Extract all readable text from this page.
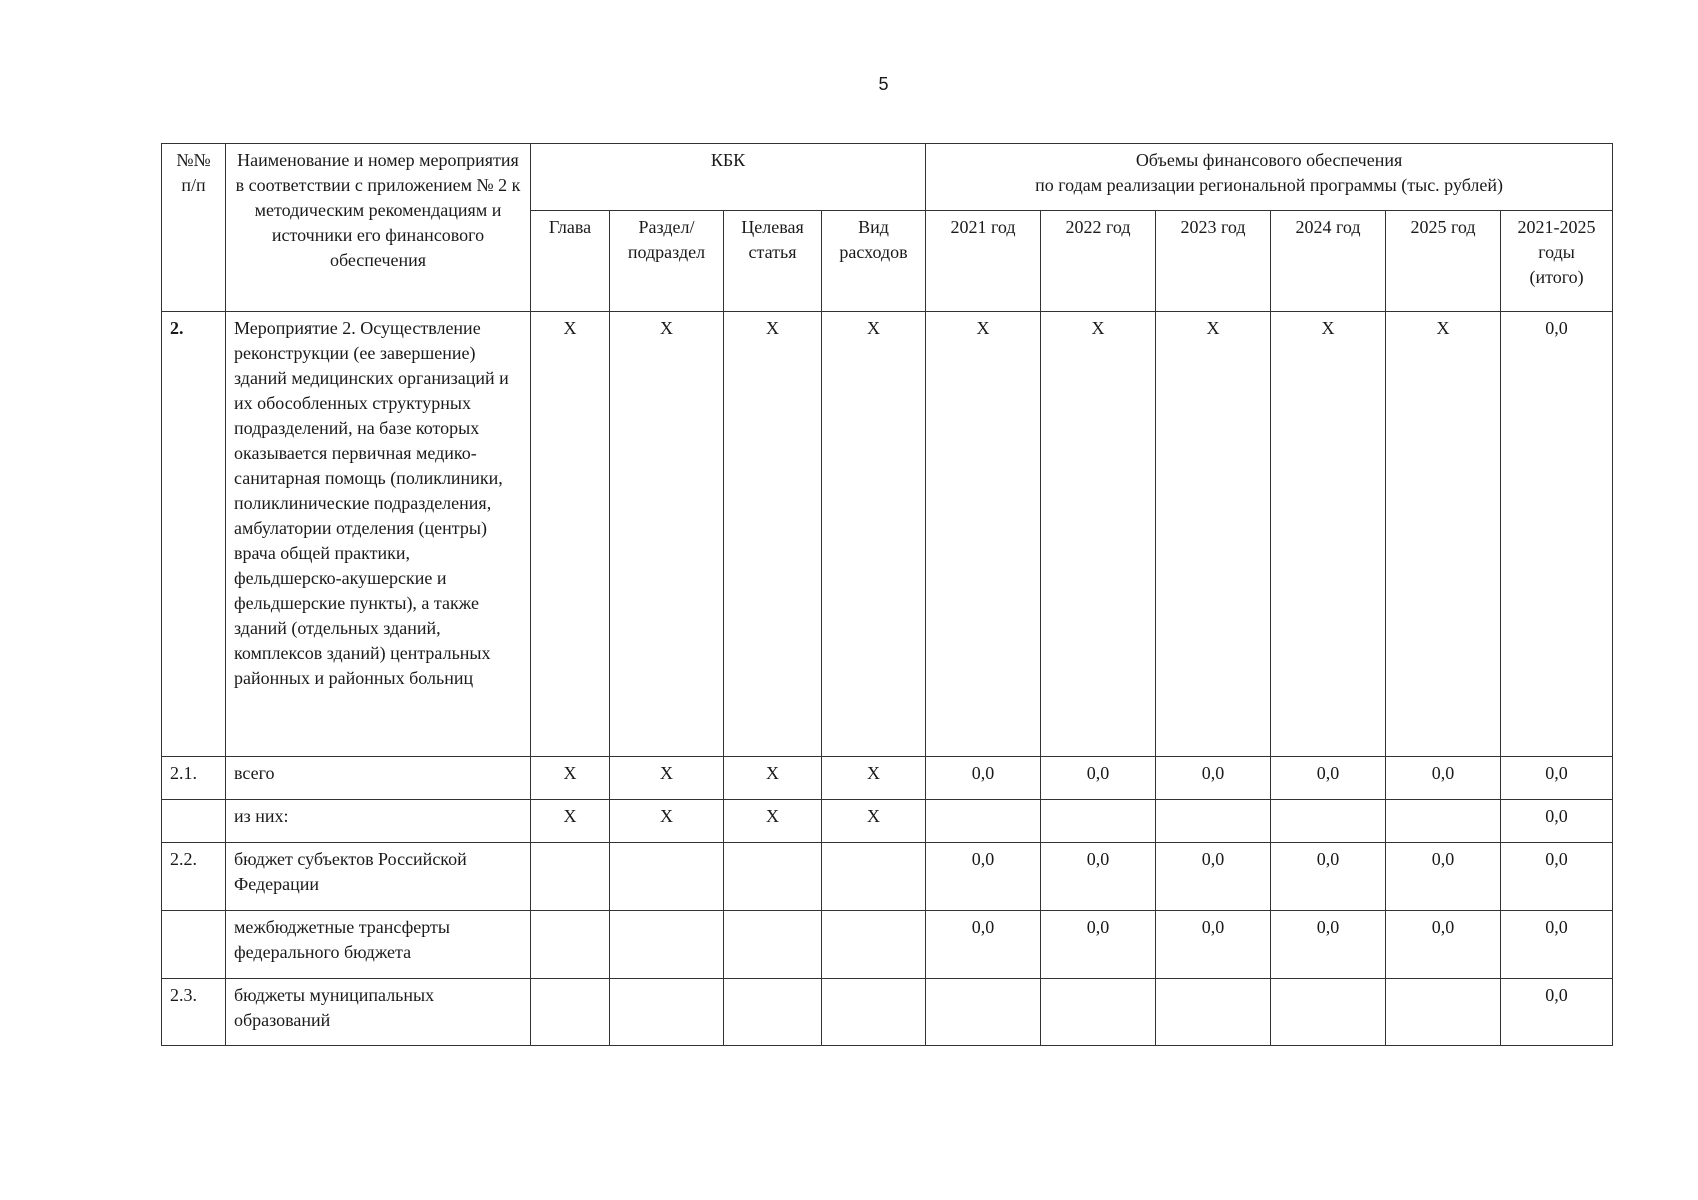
5
№№ п/п	Наименование и номер мероприятия в соответствии с приложением № 2 к методическим рекомендациям и источники его финансового обеспечения	КБК				Объемы финансового обеспечения
по годам реализации региональной программы (тыс. рублей)					

		Глава	Раздел/ подраздел	Целевая статья	Вид расходов	2021 год	2022 год	2023 год	2024 год	2025 год	2021-2025 годы (итого)
2.	Мероприятие 2. Осуществление реконструкции (ее завершение) зданий медицинских организаций и их обособленных структурных подразделений, на базе которых оказывается первичная медико-санитарная помощь (поликлиники, поликлинические подразделения, амбулатории отделения (центры) врача общей практики, фельдшерско-акушерские и фельдшерские пункты), а также зданий (отдельных зданий, комплексов зданий) центральных районных и районных больниц	X	X	X	X	X	X	X	X	X	0,0
2.1.	всего	X	X	X	X	0,0	0,0	0,0	0,0	0,0	0,0
	из них:	X	X	X	X						0,0
2.2.	бюджет субъектов Российской Федерации					0,0	0,0	0,0	0,0	0,0	0,0
	межбюджетные трансферты федерального бюджета					0,0	0,0	0,0	0,0	0,0	0,0
2.3.	бюджеты муниципальных образований										0,0
